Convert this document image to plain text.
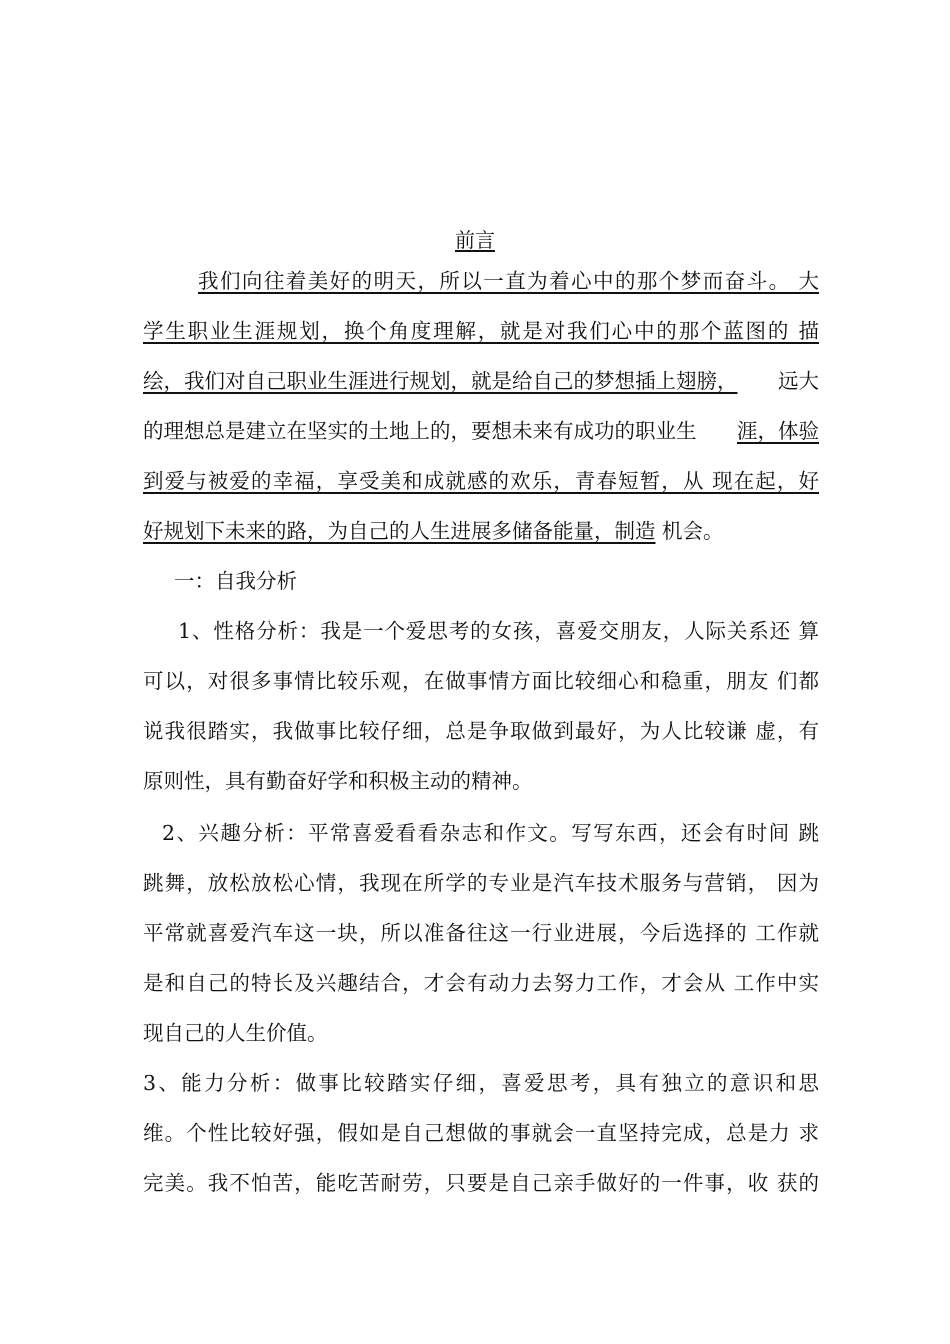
前言
我们向往着美好的明天，所以一直为着心中的那个梦而奋斗。 大
学生职业生涯规划，换个角度理解，就是对我们心中的那个蓝图的 描
绘，我们对自己职业生涯进行规划，就是给自己的梦想插上翅膀， 远大
的理想总是建立在坚实的土地上的，要想未来有成功的职业生 涯，体验
到爱与被爱的幸福，享受美和成就感的欢乐，青春短暂，从 现在起，好
好规划下未来的路，为自己的人生进展多储备能量，制造 机会。
一：自我分析
1、性格分析：我是一个爱思考的女孩，喜爱交朋友，人际关系还 算
可以，对很多事情比较乐观，在做事情方面比较细心和稳重，朋友 们都
说我很踏实，我做事比较仔细，总是争取做到最好，为人比较谦 虚，有
原则性，具有勤奋好学和积极主动的精神。
2、兴趣分析：平常喜爱看看杂志和作文。写写东西，还会有时间 跳
跳舞，放松放松心情，我现在所学的专业是汽车技术服务与营销， 因为
平常就喜爱汽车这一块，所以准备往这一行业进展，今后选择的 工作就
是和自己的特长及兴趣结合，才会有动力去努力工作，才会从 工作中实
现自己的人生价值。
3、能力分析：做事比较踏实仔细，喜爱思考，具有独立的意识和思
维。个性比较好强，假如是自己想做的事就会一直坚持完成，总是力 求
完美。我不怕苦，能吃苦耐劳，只要是自己亲手做好的一件事，收 获的
